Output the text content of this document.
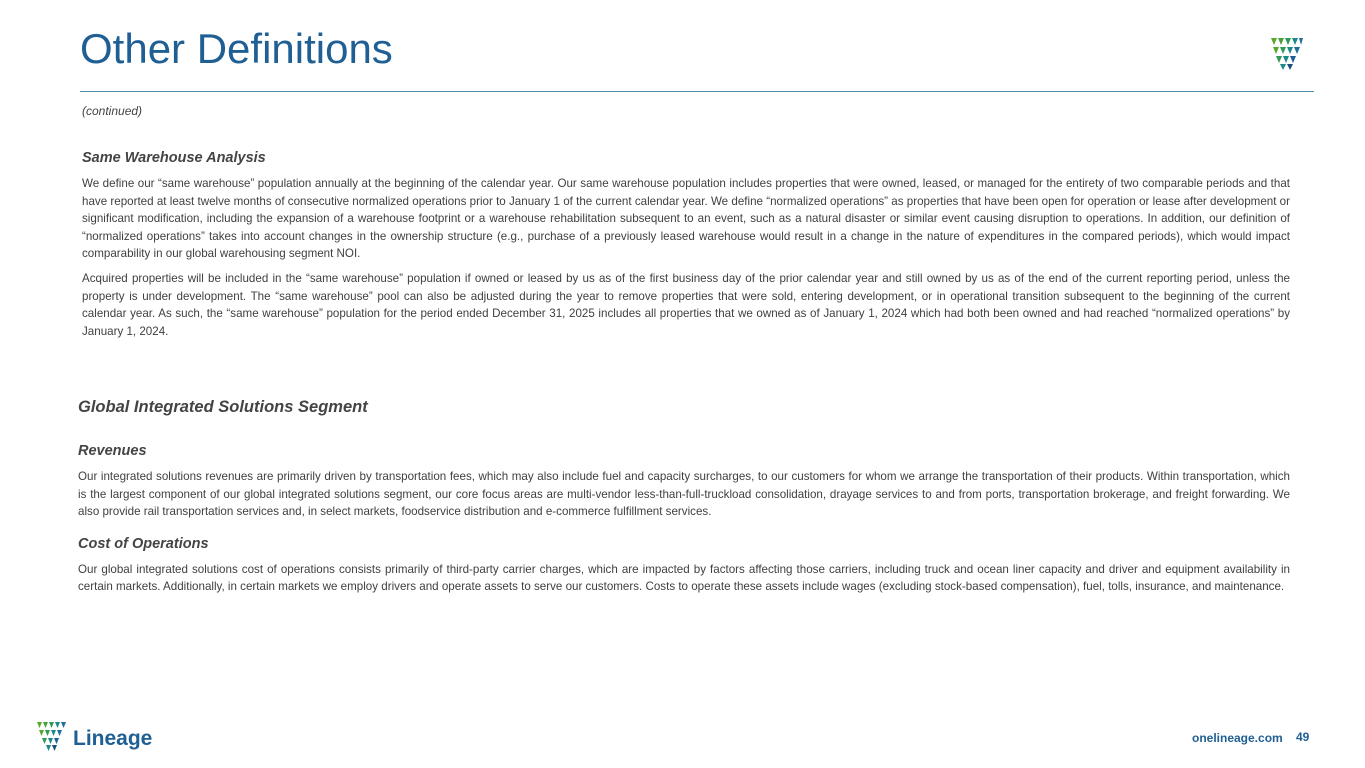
Other Definitions
(continued)

Same Warehouse Analysis

We define our “same warehouse” population annually at the beginning of the calendar year. Our same warehouse population includes properties that were owned, leased, or managed for the entirety of two comparable periods and that have reported at least twelve months of consecutive normalized operations prior to January 1 of the current calendar year. We define “normalized operations” as properties that have been open for operation or lease after development or significant modification, including the expansion of a warehouse footprint or a warehouse rehabilitation subsequent to an event, such as a natural disaster or similar event causing disruption to operations. In addition, our definition of “normalized operations” takes into account changes in the ownership structure (e.g., purchase of a previously leased warehouse would result in a change in the nature of expenditures in the compared periods), which would impact comparability in our global warehousing segment NOI.

Acquired properties will be included in the “same warehouse” population if owned or leased by us as of the first business day of the prior calendar year and still owned by us as of the end of the current reporting period, unless the property is under development. The “same warehouse” pool can also be adjusted during the year to remove properties that were sold, entering development, or in operational transition subsequent to the beginning of the current calendar year. As such, the “same warehouse” population for the period ended December 31, 2025 includes all properties that we owned as of January 1, 2024 which had both been owned and had reached “normalized operations” by January 1, 2024.

Global Integrated Solutions Segment

Revenues

Our integrated solutions revenues are primarily driven by transportation fees, which may also include fuel and capacity surcharges, to our customers for whom we arrange the transportation of their products. Within transportation, which is the largest component of our global integrated solutions segment, our core focus areas are multi-vendor less-than-full-truckload consolidation, drayage services to and from ports, transportation brokerage, and freight forwarding. We also provide rail transportation services and, in select markets, foodservice distribution and e-commerce fulfillment services.

Cost of Operations

Our global integrated solutions cost of operations consists primarily of third-party carrier charges, which are impacted by factors affecting those carriers, including truck and ocean liner capacity and driver and equipment availability in certain markets. Additionally, in certain markets we employ drivers and operate assets to serve our customers. Costs to operate these assets include wages (excluding stock-based compensation), fuel, tolls, insurance, and maintenance.

Lineage	onelineage.com 49
